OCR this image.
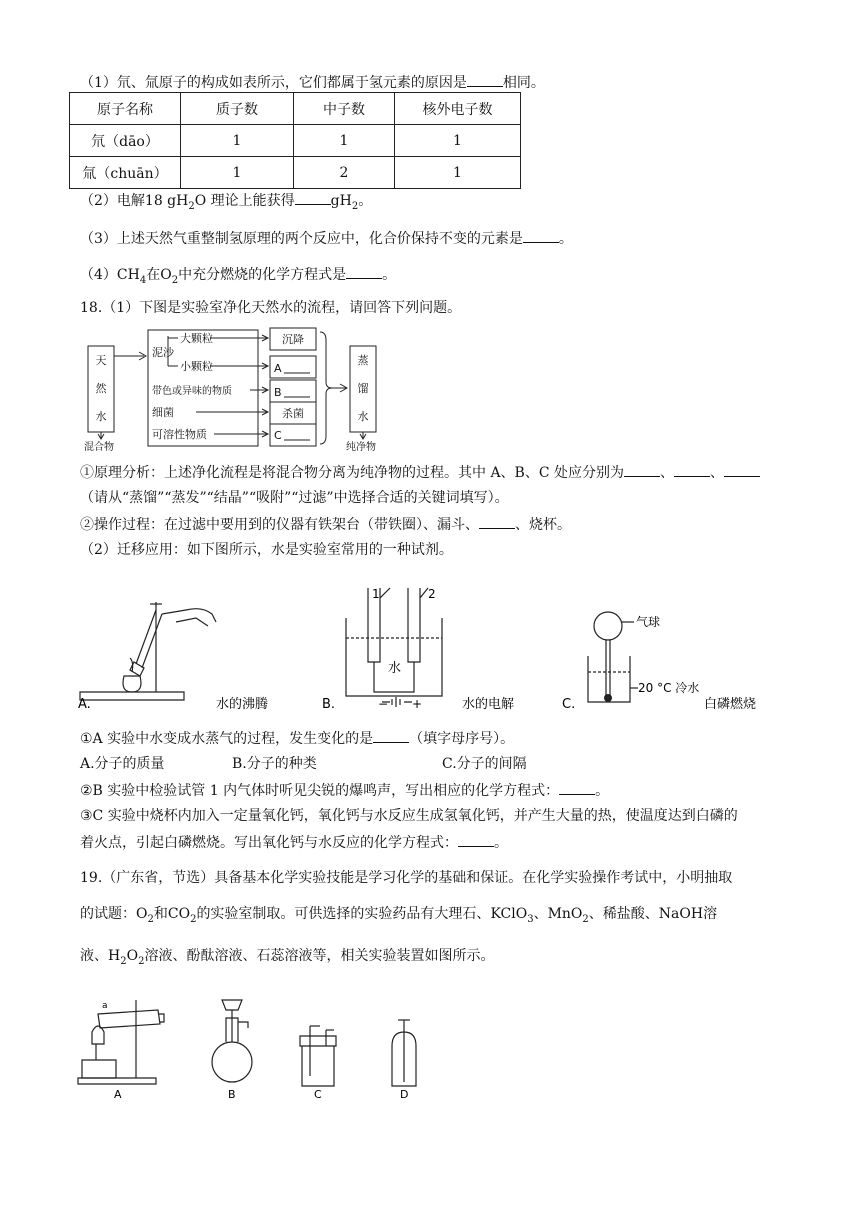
（1）氘、氚原子的构成如表所示，它们都属于氢元素的原因是	相同。
原子名称	质子数	中子数	核外电子数
氘（dāo）	1	1	1
氚（chuān）	1	2	1
（2）电解18 $gH_2O$ 理论上能获得	$gH_2$。
（3）上述天然气重整制氢原理的两个反应中，化合价保持不变的元素是	。
$(4)CH_4$在$O_2$中充分燃烧的化学方程式是	。
18.（1）下图是实验室净化天然水的流程，请回答下列问题。
天
然
水
混合物
泥沙
大颗粒
小颗粒
带色或异味的物质
细菌
可溶性物质
沉降
A
B
杀菌
C
蒸
馏
水
纯净物
①原理分析：上述净化流程是将混合物分离为纯净物的过程。其中 A、B、C 处应分别为	、	、
（请从“蒸馏”“蒸发”“结晶”“吸附”“过滤”中选择合适的关键词填写）。
②操作过程：在过滤中要用到的仪器有铁架台（带铁圈）、漏斗、	、烧杯。
（2）迁移应用：如下图所示，水是实验室常用的一种试剂。
A.	水的沸腾
1	2
水
− +
B.	水的电解
气球
20 °C 冷水
C.	白磷燃烧
①A 实验中水变成水蒸气的过程，发生变化的是	（填字母序号）。
A.分子的质量	B.分子的种类	C.分子的间隔
②B 实验中检验试管 1 内气体时听见尖锐的爆鸣声，写出相应的化学方程式：	。
③C 实验中烧杯内加入一定量氧化钙，氧化钙与水反应生成氢氧化钙，并产生大量的热，使温度达到白磷的
着火点，引起白磷燃烧。写出氧化钙与水反应的化学方程式：	。
19.（广东省，节选）具备基本化学实验技能是学习化学的基础和保证。在化学实验操作考试中，小明抽取
的试题：$O_2$和$CO_2$的实验室制取。可供选择的实验药品有大理石、KClO$_3$、MnO$_2$、稀盐酸、NaOH溶
液、$H_2O_2$溶液、酚酞溶液、石蕊溶液等，相关实验装置如图所示。
a
A	B	C	D
